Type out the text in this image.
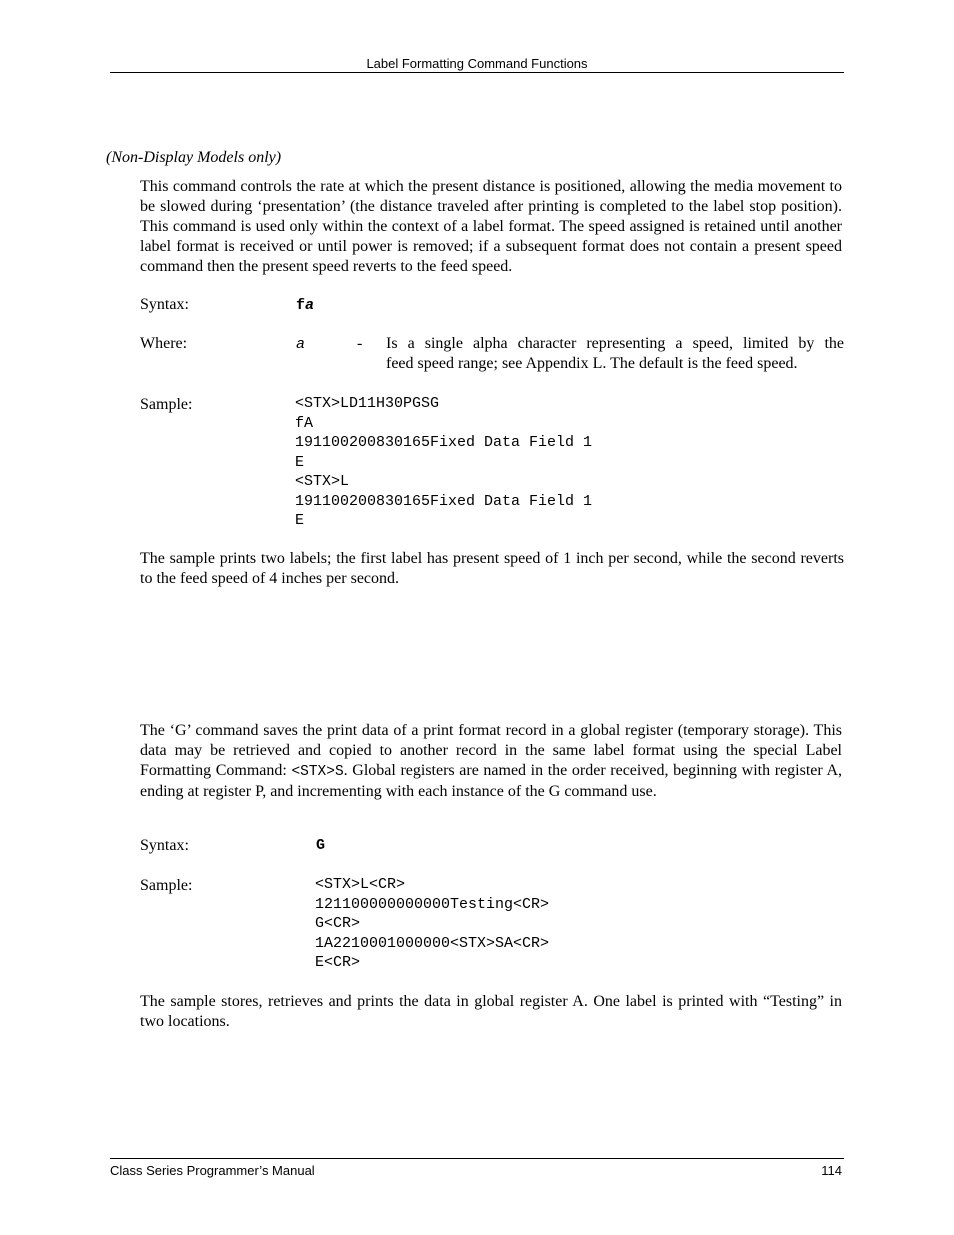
Label Formatting Command Functions
(Non-Display Models only)
This command controls the rate at which the present distance is positioned, allowing the media movement to be slowed during ‘presentation’ (the distance traveled after printing is completed to the label stop position). This command is used only within the context of a label format. The speed assigned is retained until another label format is received or until power is removed; if a subsequent format does not contain a present speed command then the present speed reverts to the feed speed.
Syntax:	fa
Where:	a	- Is a single alpha character representing a speed, limited by the
feed speed range; see Appendix L. The default is the feed speed.
Sample:	<STX>LD11H30PGSG
fA
191100200830165Fixed Data Field 1
E
<STX>L
191100200830165Fixed Data Field 1
E
The sample prints two labels; the first label has present speed of 1 inch per second, while the second reverts to the feed speed of 4 inches per second.
The ‘G’ command saves the print data of a print format record in a global register (temporary storage). This data may be retrieved and copied to another record in the same label format using the special Label Formatting Command: <STX>S. Global registers are named in the order received, beginning with register A, ending at register P, and incrementing with each instance of the G command use.
Syntax:	G
Sample:	<STX>L<CR>
121100000000000Testing<CR>
G<CR>
1A2210001000000<STX>SA<CR>
E<CR>
The sample stores, retrieves and prints the data in global register A. One label is printed with “Testing” in two locations.
Class Series Programmer’s Manual	114
